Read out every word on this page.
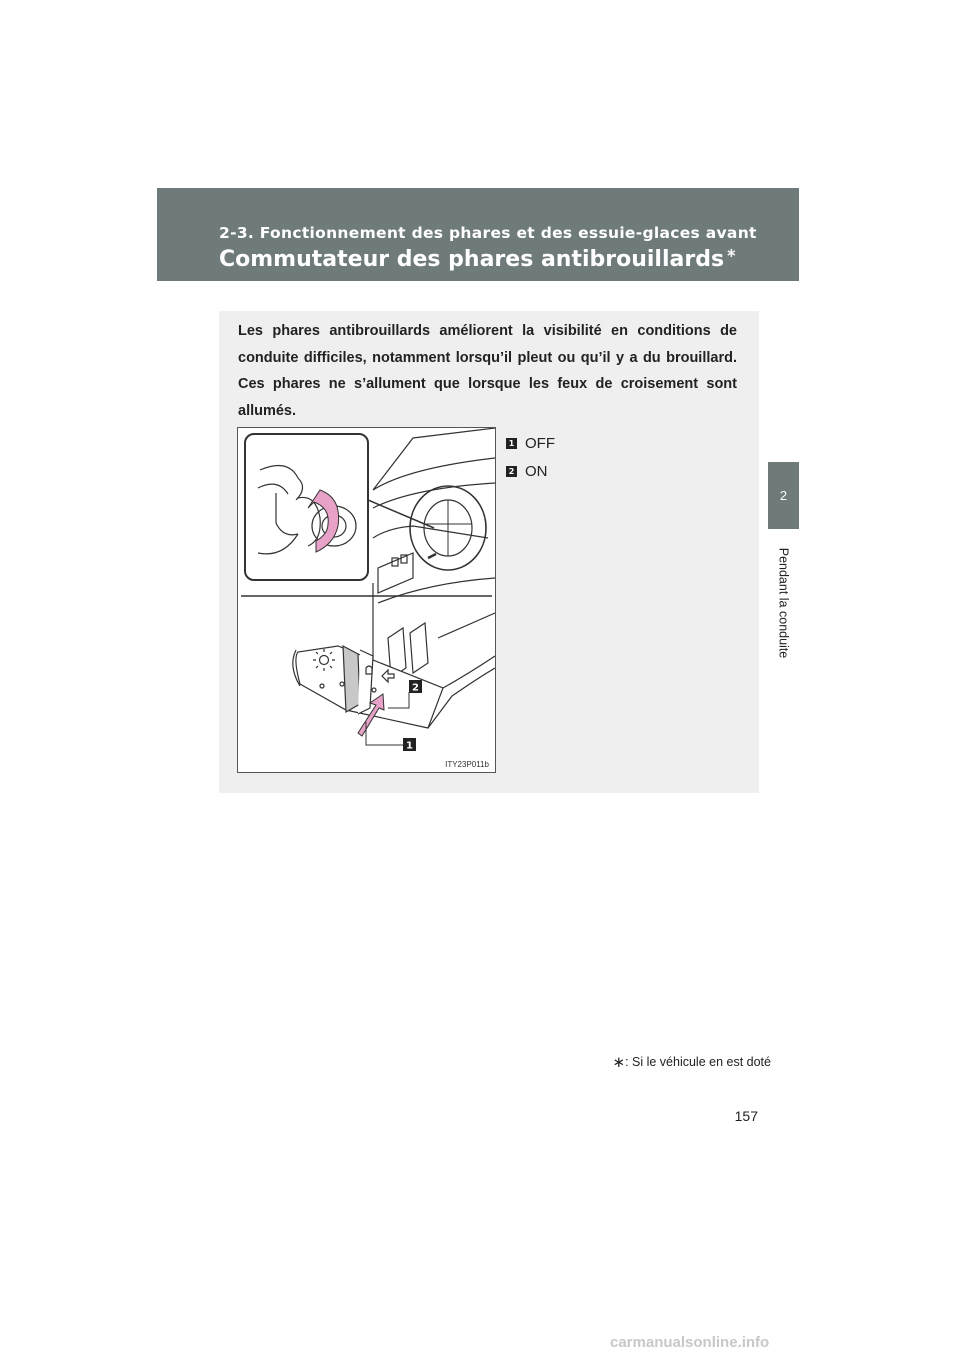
2-3. Fonctionnement des phares et des essuie-glaces avant
Commutateur des phares antibrouillards ∗
2
Pendant la conduite

Les phares antibrouillards améliorent la visibilité en conditions de conduite difficiles, notamment lorsqu’il pleut ou qu’il y a du brouillard. Ces phares ne s’allument que lorsque les feux de croisement sont allumés.

1
2
ITY23P011b
1 OFF
2 ON
∗: Si le véhicule en est doté
157
carmanualsonline.info
